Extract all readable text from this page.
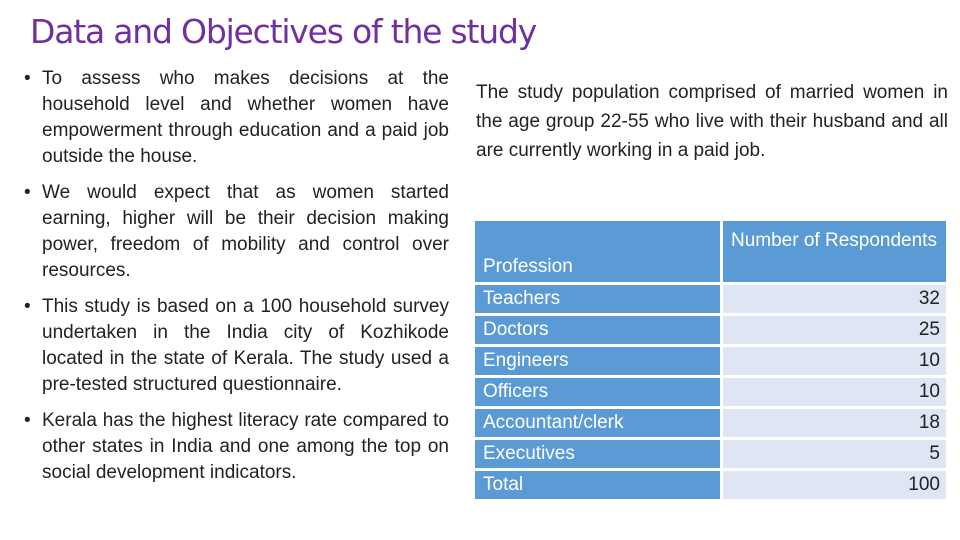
Data and Objectives of the study
• To assess who makes decisions at the household level and whether women have empowerment through education and a paid job outside the house.
• We would expect that as women started earning, higher will be their decision making power, freedom of mobility and control over resources.
• This study is based on a 100 household survey undertaken in the India city of Kozhikode located in the state of Kerala. The study used a pre-tested structured questionnaire.
• Kerala has the highest literacy rate compared to other states in India and one among the top on social development indicators.

The study population comprised of married women in the age group 22-55 who live with their husband and all are currently working in a paid job.

Profession	Number of Respondents
Teachers	32
Doctors	25
Engineers	10
Officers	10
Accountant/clerk	18
Executives	5
Total	100
